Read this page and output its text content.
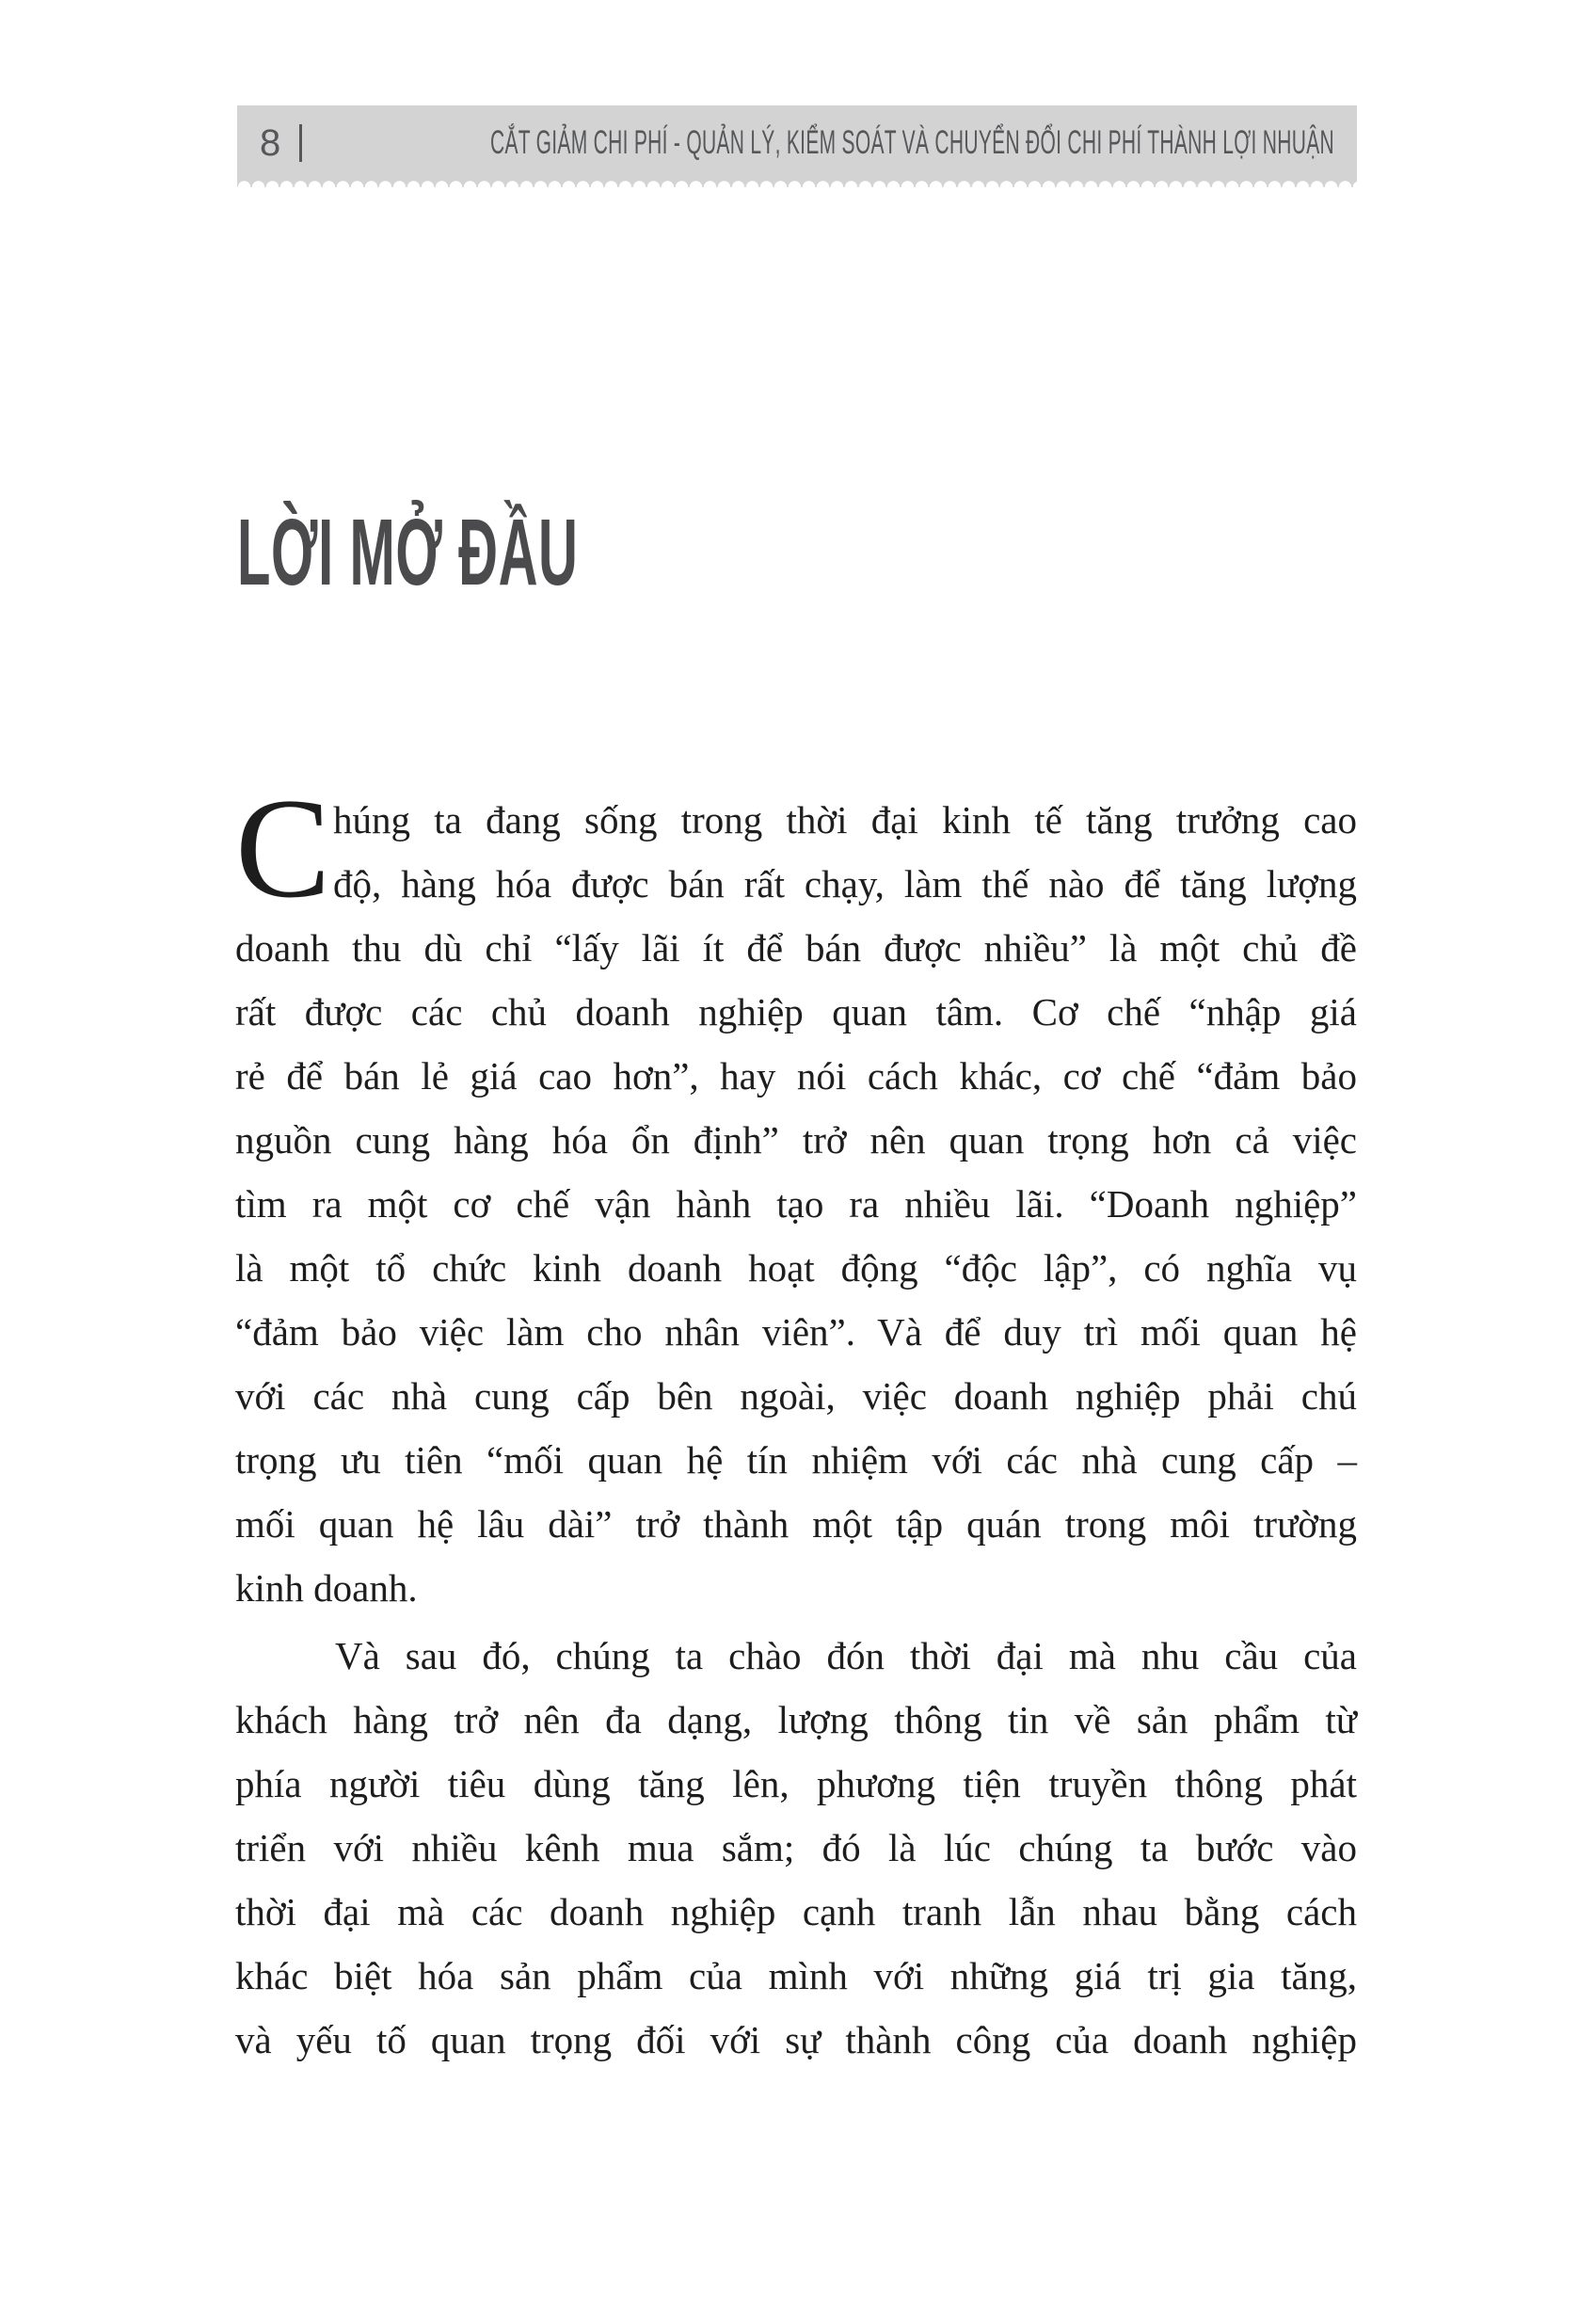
8	CẮT GIẢM CHI PHÍ - QUẢN LÝ, KIỂM SOÁT VÀ CHUYỂN ĐỔI CHI PHÍ THÀNH LỢI NHUẬN
LỜI MỞ ĐẦU
C húng ta đang sống trong thời đại kinh tế tăng trưởng cao
độ, hàng hóa được bán rất chạy, làm thế nào để tăng lượng
doanh thu dù chỉ “lấy lãi ít để bán được nhiều” là một chủ đề
rất được các chủ doanh nghiệp quan tâm. Cơ chế “nhập giá
rẻ để bán lẻ giá cao hơn”, hay nói cách khác, cơ chế “đảm bảo
nguồn cung hàng hóa ổn định” trở nên quan trọng hơn cả việc
tìm ra một cơ chế vận hành tạo ra nhiều lãi. “Doanh nghiệp”
là một tổ chức kinh doanh hoạt động “độc lập”, có nghĩa vụ
“đảm bảo việc làm cho nhân viên”. Và để duy trì mối quan hệ
với các nhà cung cấp bên ngoài, việc doanh nghiệp phải chú
trọng ưu tiên “mối quan hệ tín nhiệm với các nhà cung cấp –
mối quan hệ lâu dài” trở thành một tập quán trong môi trường
kinh doanh.
Và sau đó, chúng ta chào đón thời đại mà nhu cầu của
khách hàng trở nên đa dạng, lượng thông tin về sản phẩm từ
phía người tiêu dùng tăng lên, phương tiện truyền thông phát
triển với nhiều kênh mua sắm; đó là lúc chúng ta bước vào
thời đại mà các doanh nghiệp cạnh tranh lẫn nhau bằng cách
khác biệt hóa sản phẩm của mình với những giá trị gia tăng,
và yếu tố quan trọng đối với sự thành công của doanh nghiệp
